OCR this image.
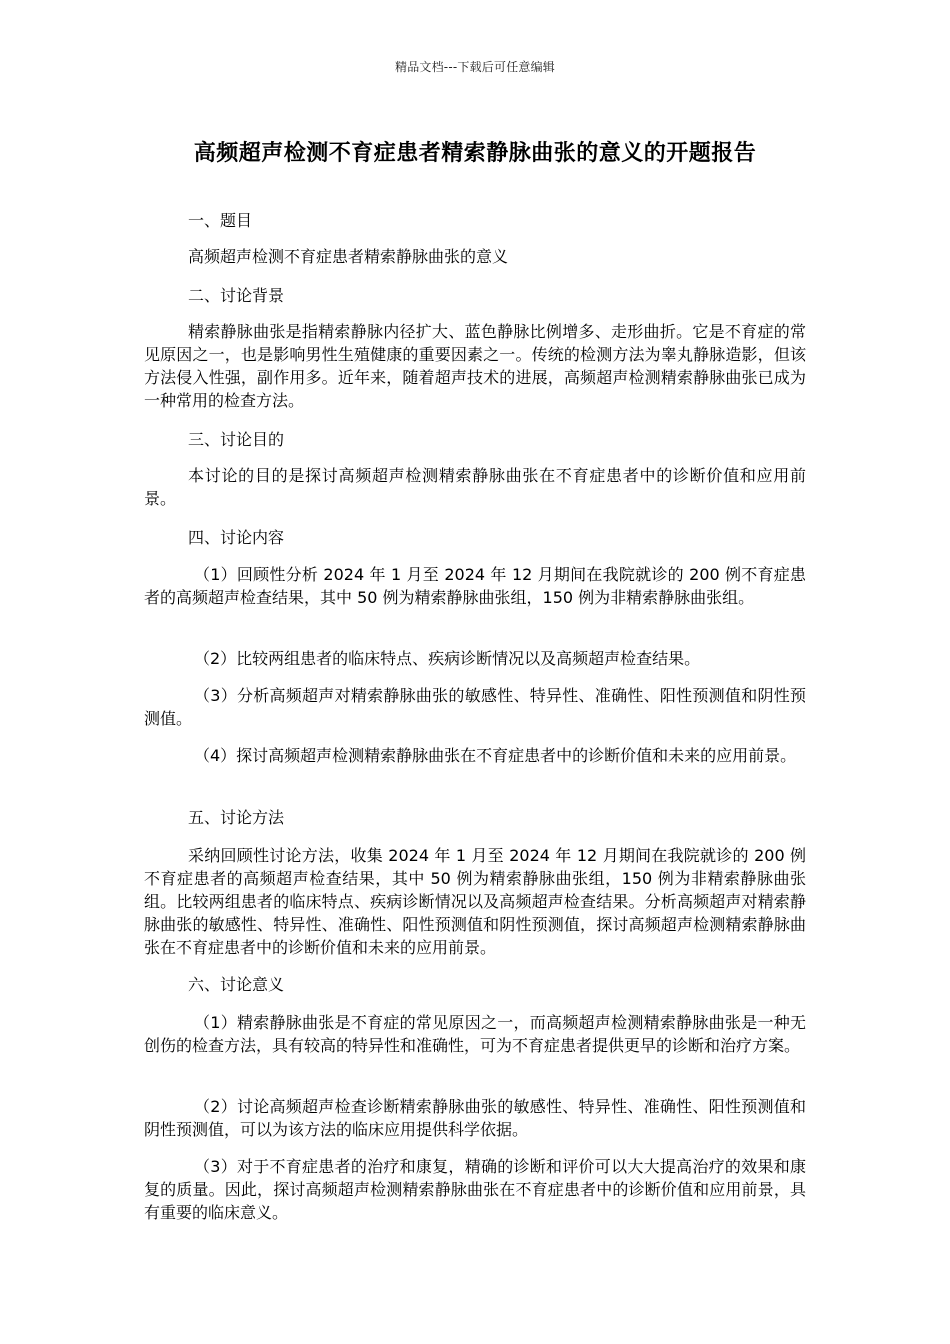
精品文档---下载后可任意编辑
高频超声检测不育症患者精索静脉曲张的意义的开题报告
一、题目
高频超声检测不育症患者精索静脉曲张的意义
二、讨论背景
精索静脉曲张是指精索静脉内径扩大、蓝色静脉比例增多、走形曲折。它是不育症的常见原因之一，也是影响男性生殖健康的重要因素之一。传统的检测方法为睾丸静脉造影，但该方法侵入性强，副作用多。近年来，随着超声技术的进展，高频超声检测精索静脉曲张已成为一种常用的检查方法。
三、讨论目的
本讨论的目的是探讨高频超声检测精索静脉曲张在不育症患者中的诊断价值和应用前景。
四、讨论内容
（1）回顾性分析 2024 年 1 月至 2024 年 12 月期间在我院就诊的 200 例不育症患者的高频超声检查结果，其中 50 例为精索静脉曲张组，150 例为非精索静脉曲张组。
（2）比较两组患者的临床特点、疾病诊断情况以及高频超声检查结果。
（3）分析高频超声对精索静脉曲张的敏感性、特异性、准确性、阳性预测值和阴性预测值。
（4）探讨高频超声检测精索静脉曲张在不育症患者中的诊断价值和未来的应用前景。
五、讨论方法
采纳回顾性讨论方法，收集 2024 年 1 月至 2024 年 12 月期间在我院就诊的 200 例不育症患者的高频超声检查结果，其中 50 例为精索静脉曲张组，150 例为非精索静脉曲张组。比较两组患者的临床特点、疾病诊断情况以及高频超声检查结果。分析高频超声对精索静脉曲张的敏感性、特异性、准确性、阳性预测值和阴性预测值，探讨高频超声检测精索静脉曲张在不育症患者中的诊断价值和未来的应用前景。
六、讨论意义
（1）精索静脉曲张是不育症的常见原因之一，而高频超声检测精索静脉曲张是一种无创伤的检查方法，具有较高的特异性和准确性，可为不育症患者提供更早的诊断和治疗方案。
（2）讨论高频超声检查诊断精索静脉曲张的敏感性、特异性、准确性、阳性预测值和阴性预测值，可以为该方法的临床应用提供科学依据。
（3）对于不育症患者的治疗和康复，精确的诊断和评价可以大大提高治疗的效果和康复的质量。因此，探讨高频超声检测精索静脉曲张在不育症患者中的诊断价值和应用前景，具有重要的临床意义。
